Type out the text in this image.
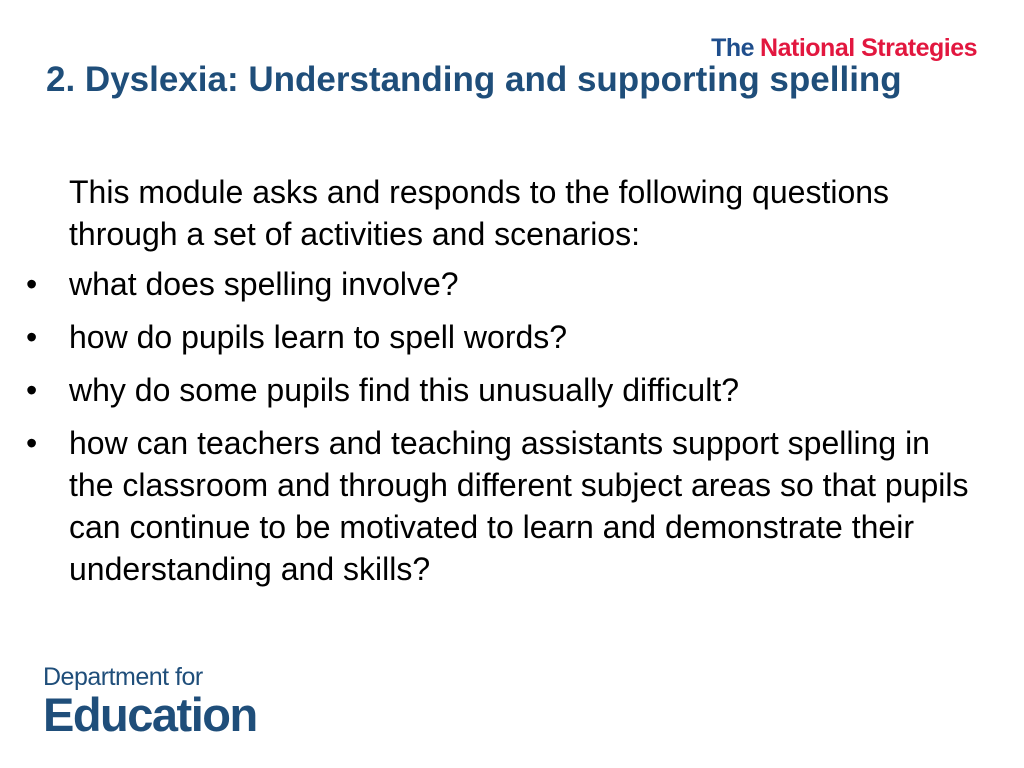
The National Strategies
2. Dyslexia: Understanding and supporting spelling

This module asks and responds to the following questions through a set of activities and scenarios:

• what does spelling involve?
• how do pupils learn to spell words?
• why do some pupils find this unusually difficult?
• how can teachers and teaching assistants support spelling in the classroom and through different subject areas so that pupils can continue to be motivated to learn and demonstrate their understanding and skills?
Department for
Education
